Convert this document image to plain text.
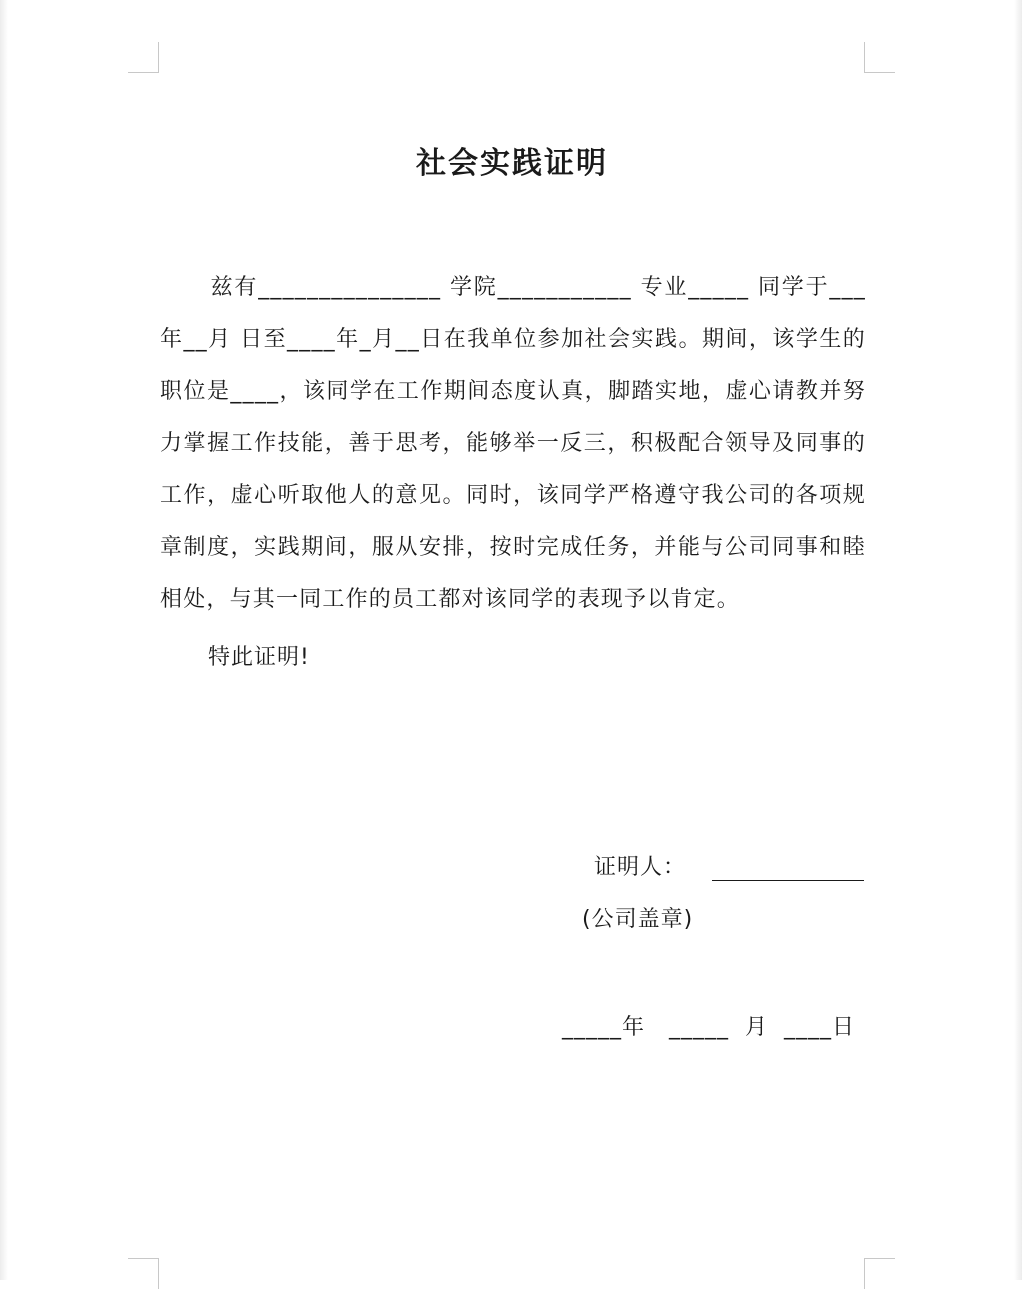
社会实践证明
兹有_______________ 学院___________ 专业_____ 同学于___年__月 日至____年_月__日在我单位参加社会实践。期间，该学生的职位是____，该同学在工作期间态度认真，脚踏实地，虚心请教并努力掌握工作技能，善于思考，能够举一反三，积极配合领导及同事的工作，虚心听取他人的意见。同时，该同学严格遵守我公司的各项规章制度，实践期间，服从安排，按时完成任务，并能与公司同事和睦相处，与其一同工作的员工都对该同学的表现予以肯定。
特此证明!
证明人：
(公司盖章)
_____年   _____  月  ____日
